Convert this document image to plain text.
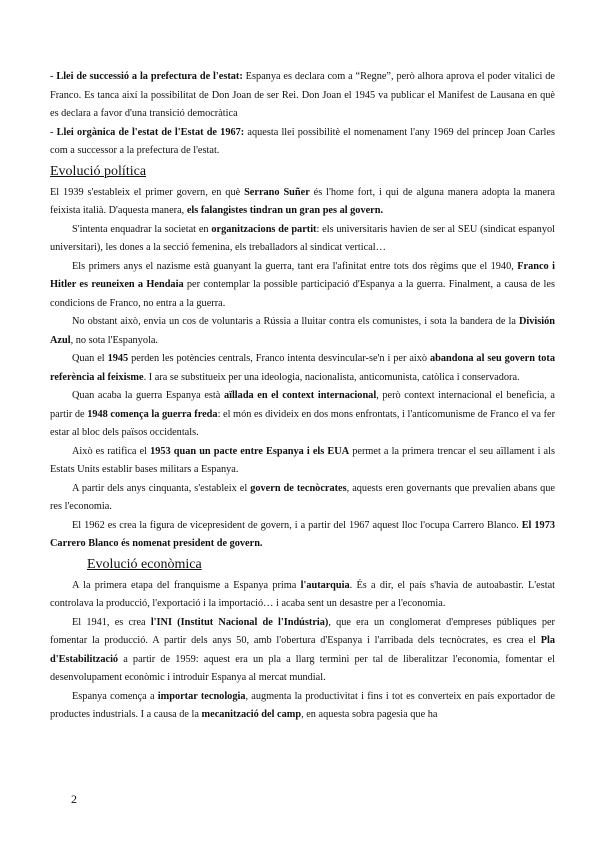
- Llei de successió a la prefectura de l'estat: Espanya es declara com a “Regne”, però alhora aprova el poder vitalici de Franco. Es tanca així la possibilitat de Don Joan de ser Rei. Don Joan el 1945 va publicar el Manifest de Lausana en què es declara a favor d'una transició democràtica

- Llei orgànica de l'estat de l'Estat de 1967: aquesta llei possibilitè el nomenament l'any 1969 del príncep Joan Carles com a successor a la prefectura de l'estat.

Evolució política

El 1939 s'estableix el primer govern, en què Serrano Suñer és l'home fort, i qui de alguna manera adopta la manera feixista italià. D'aquesta manera, els falangistes tindran un gran pes al govern.

S'intenta enquadrar la societat en organitzacions de partit: els universitaris havien de ser al SEU (sindicat espanyol universitari), les dones a la secció femenina, els treballadors al sindicat vertical…

Els primers anys el nazisme està guanyant la guerra, tant era l'afinitat entre tots dos règims que el 1940, Franco i Hitler es reuneixen a Hendaia per contemplar la possible participació d'Espanya a la guerra. Finalment, a causa de les condicions de Franco, no entra a la guerra.

No obstant això, envia un cos de voluntaris a Rússia a lluitar contra els comunistes, i sota la bandera de la División Azul, no sota l'Espanyola.

Quan el 1945 perden les potències centrals, Franco intenta desvincular-se'n i per això abandona al seu govern tota referència al feixisme. I ara se substitueix per una ideologia, nacionalista, anticomunista, catòlica i conservadora.

Quan acaba la guerra Espanya està aïllada en el context internacional, però context internacional el beneficia, a partir de 1948 comença la guerra freda: el món es divideix en dos mons enfrontats, i l'anticomunisme de Franco el va fer estar al bloc dels països occidentals.

Això es ratifica el 1953 quan un pacte entre Espanya i els EUA permet a la primera trencar el seu aïllament i als Estats Units establir bases militars a Espanya.

A partir dels anys cinquanta, s'estableix el govern de tecnòcrates, aquests eren governants que prevalien abans que res l'economia.

El 1962 es crea la figura de vicepresident de govern, i a partir del 1967 aquest lloc l'ocupa Carrero Blanco. El 1973 Carrero Blanco és nomenat president de govern.

Evolució econòmica

A la primera etapa del franquisme a Espanya prima l'autarquia. És a dir, el país s'havia de autoabastir. L'estat controlava la producció, l'exportació i la importació… i acaba sent un desastre per a l'economia.

El 1941, es crea l'INI (Institut Nacional de l'Indústria), que era un conglomerat d'empreses públiques per fomentar la producció. A partir dels anys 50, amb l'obertura d'Espanya i l'arribada dels tecnòcrates, es crea el Pla d'Estabilització a partir de 1959: aquest era un pla a llarg termini per tal de liberalitzar l'economia, fomentar el desenvolupament econòmic i introduir Espanya al mercat mundial.

Espanya comença a importar tecnologia, augmenta la productivitat i fins i tot es converteix en país exportador de productes industrials. I a causa de la mecanització del camp, en aquesta sobra pagesia que ha

2
